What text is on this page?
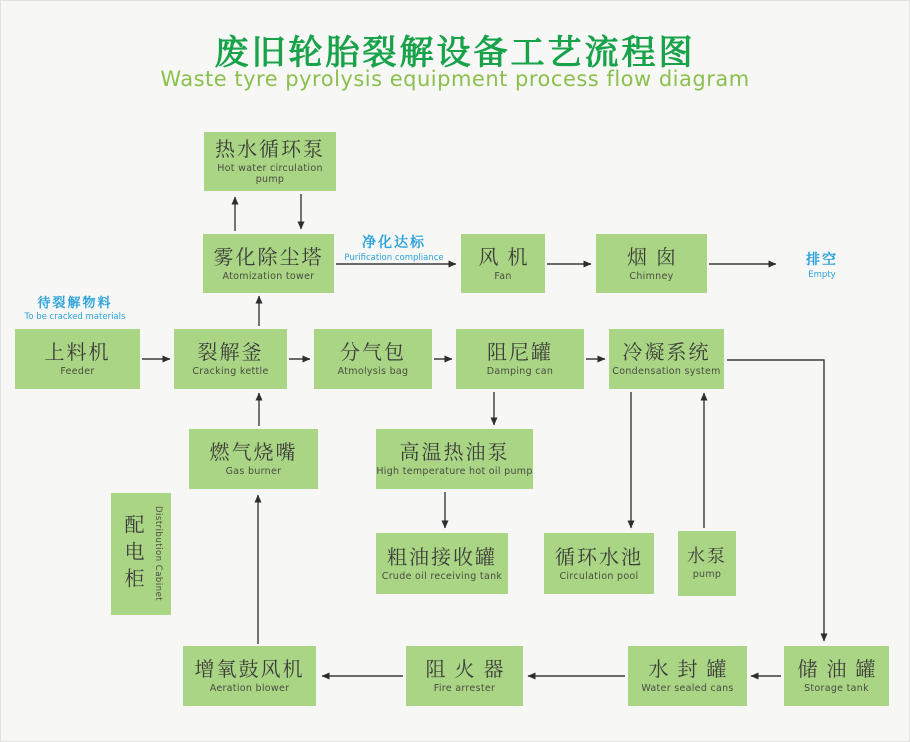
废旧轮胎裂解设备工艺流程图
Waste tyre pyrolysis equipment process flow diagram
净化达标
Purification compliance	排空
Empty
待裂解物料
To be cracked materials
热水循环泵
Hot water circulation pump
雾化除尘塔
Atomization tower
风机
Fan
烟囱
Chimney
上料机
Feeder
裂解釜
Cracking kettle
分气包
Atmolysis bag
阻尼罐
Damping can
冷凝系统
Condensation system
燃气烧嘴
Gas burner
高温热油泵
High temperature hot oil pump
配电柜 Distribution Cabinet	粗油接收罐
Crude oil receiving tank
循环水池
Circulation pool
水泵
pump
增氧鼓风机
Aeration blower
阻火器
Fire arrester
水封罐
Water sealed cans
储油罐
Storage tank
